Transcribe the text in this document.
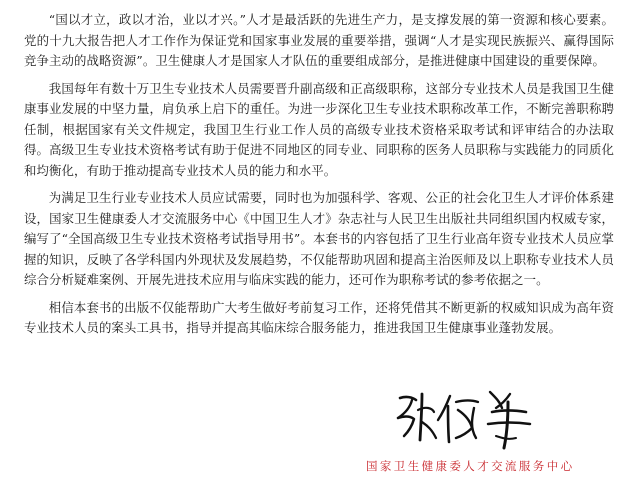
“国以才立，政以才治，业以才兴。”人才是最活跃的先进生产力，是支撑发展的第一资源和核心要素。党的十九大报告把人才工作作为保证党和国家事业发展的重要举措，强调“人才是实现民族振兴、赢得国际竞争主动的战略资源”。卫生健康人才是国家人才队伍的重要组成部分，是推进健康中国建设的重要保障。

我国每年有数十万卫生专业技术人员需要晋升副高级和正高级职称，这部分专业技术人员是我国卫生健康事业发展的中坚力量，肩负承上启下的重任。为进一步深化卫生专业技术职称改革工作，不断完善职称聘任制，根据国家有关文件规定，我国卫生行业工作人员的高级专业技术资格采取考试和评审结合的办法取得。高级卫生专业技术资格考试有助于促进不同地区的同专业、同职称的医务人员职称与实践能力的同质化和均衡化，有助于推动提高专业技术人员的能力和水平。

为满足卫生行业专业技术人员应试需要，同时也为加强科学、客观、公正的社会化卫生人才评价体系建设，国家卫生健康委人才交流服务中心《中国卫生人才》杂志社与人民卫生出版社共同组织国内权威专家，编写了“全国高级卫生专业技术资格考试指导用书”。本套书的内容包括了卫生行业高年资专业技术人员应掌握的知识，反映了各学科国内外现状及发展趋势，不仅能帮助巩固和提高主治医师及以上职称专业技术人员综合分析疑难案例、开展先进技术应用与临床实践的能力，还可作为职称考试的参考依据之一。

相信本套书的出版不仅能帮助广大考生做好考前复习工作，还将凭借其不断更新的权威知识成为高年资专业技术人员的案头工具书，指导并提高其临床综合服务能力，推进我国卫生健康事业蓬勃发展。

国家卫生健康委人才交流服务中心
